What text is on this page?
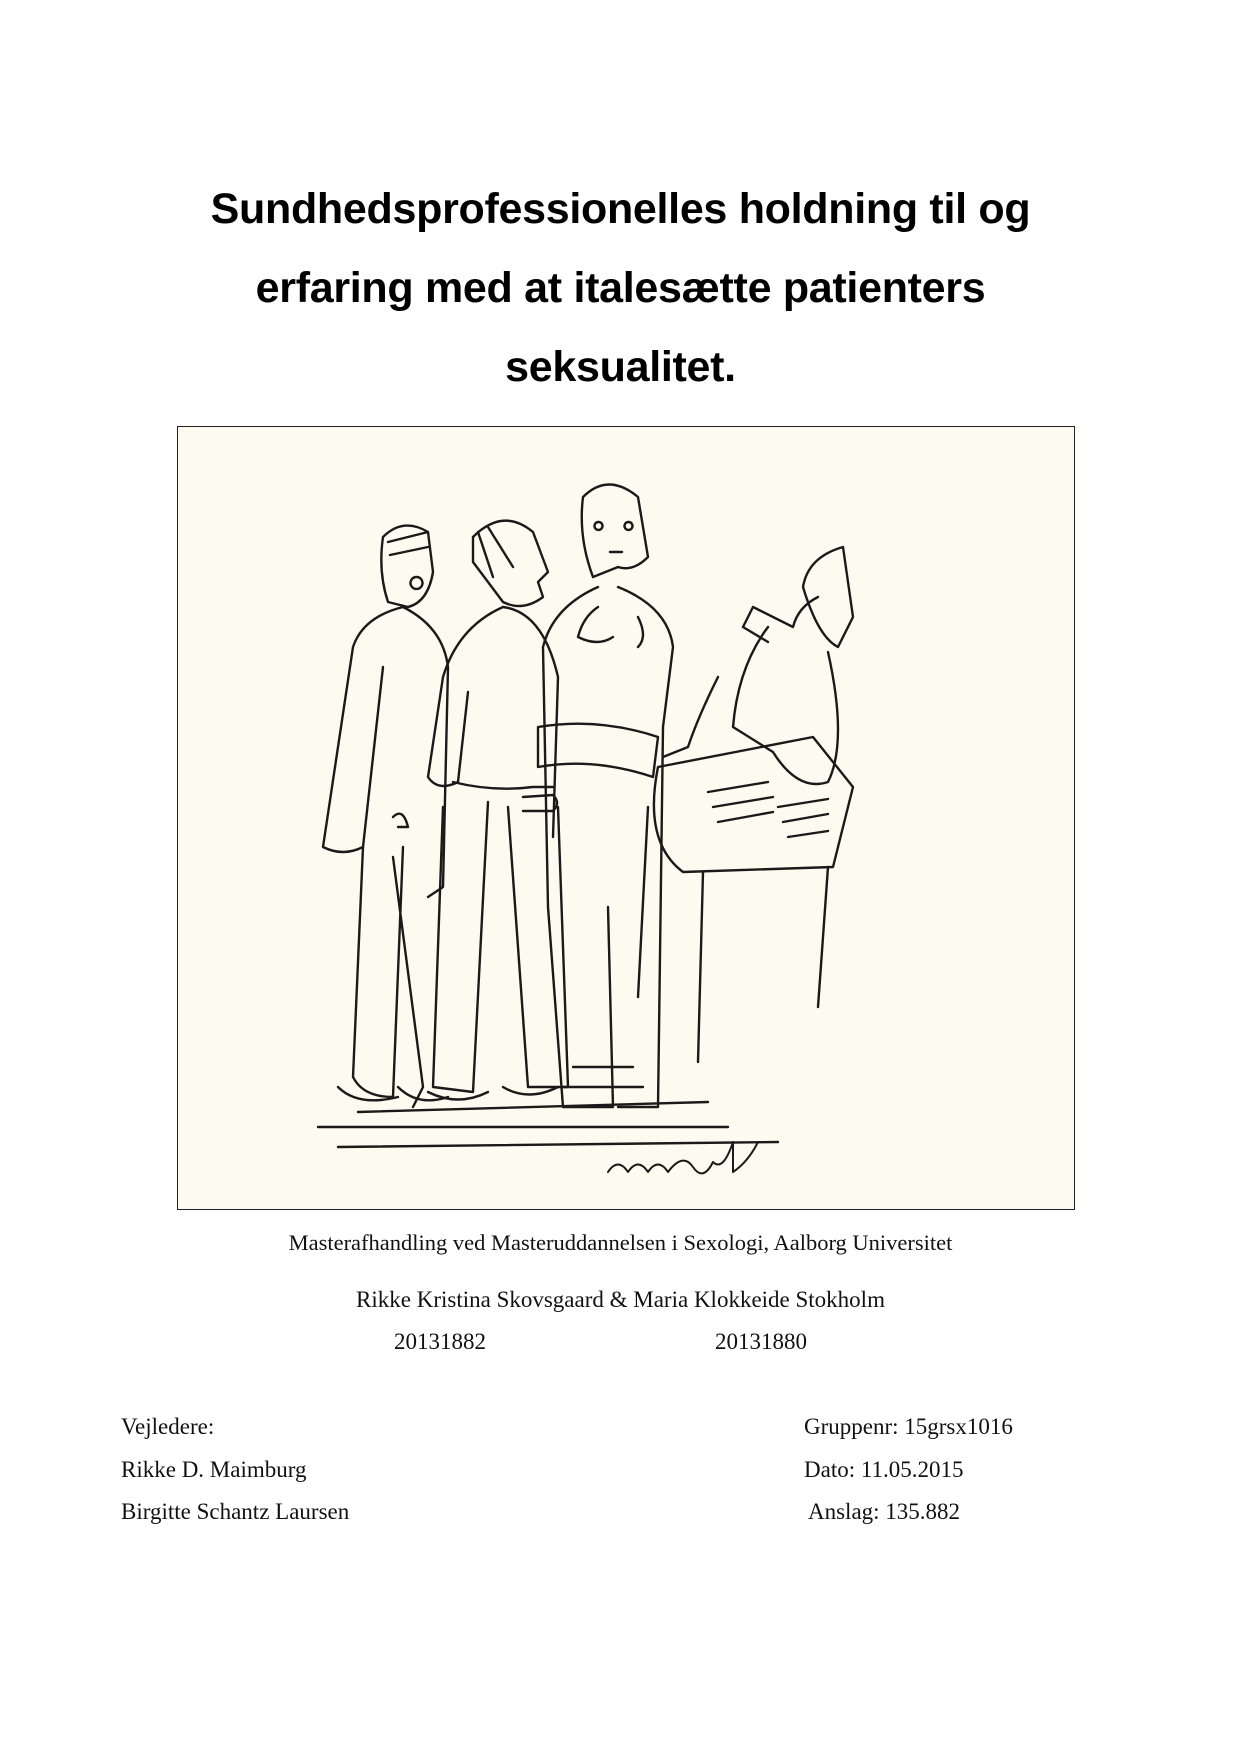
Sundhedsprofessionelles holdning til og
erfaring med at italesætte patienters
seksualitet.
Masterafhandling ved Masteruddannelsen i Sexologi, Aalborg Universitet
Rikke Kristina Skovsgaard & Maria Klokkeide Stokholm
20131882	20131880
Vejledere:
Rikke D. Maimburg
Birgitte Schantz Laursen
Gruppenr: 15grsx1016
Dato: 11.05.2015
Anslag: 135.882
